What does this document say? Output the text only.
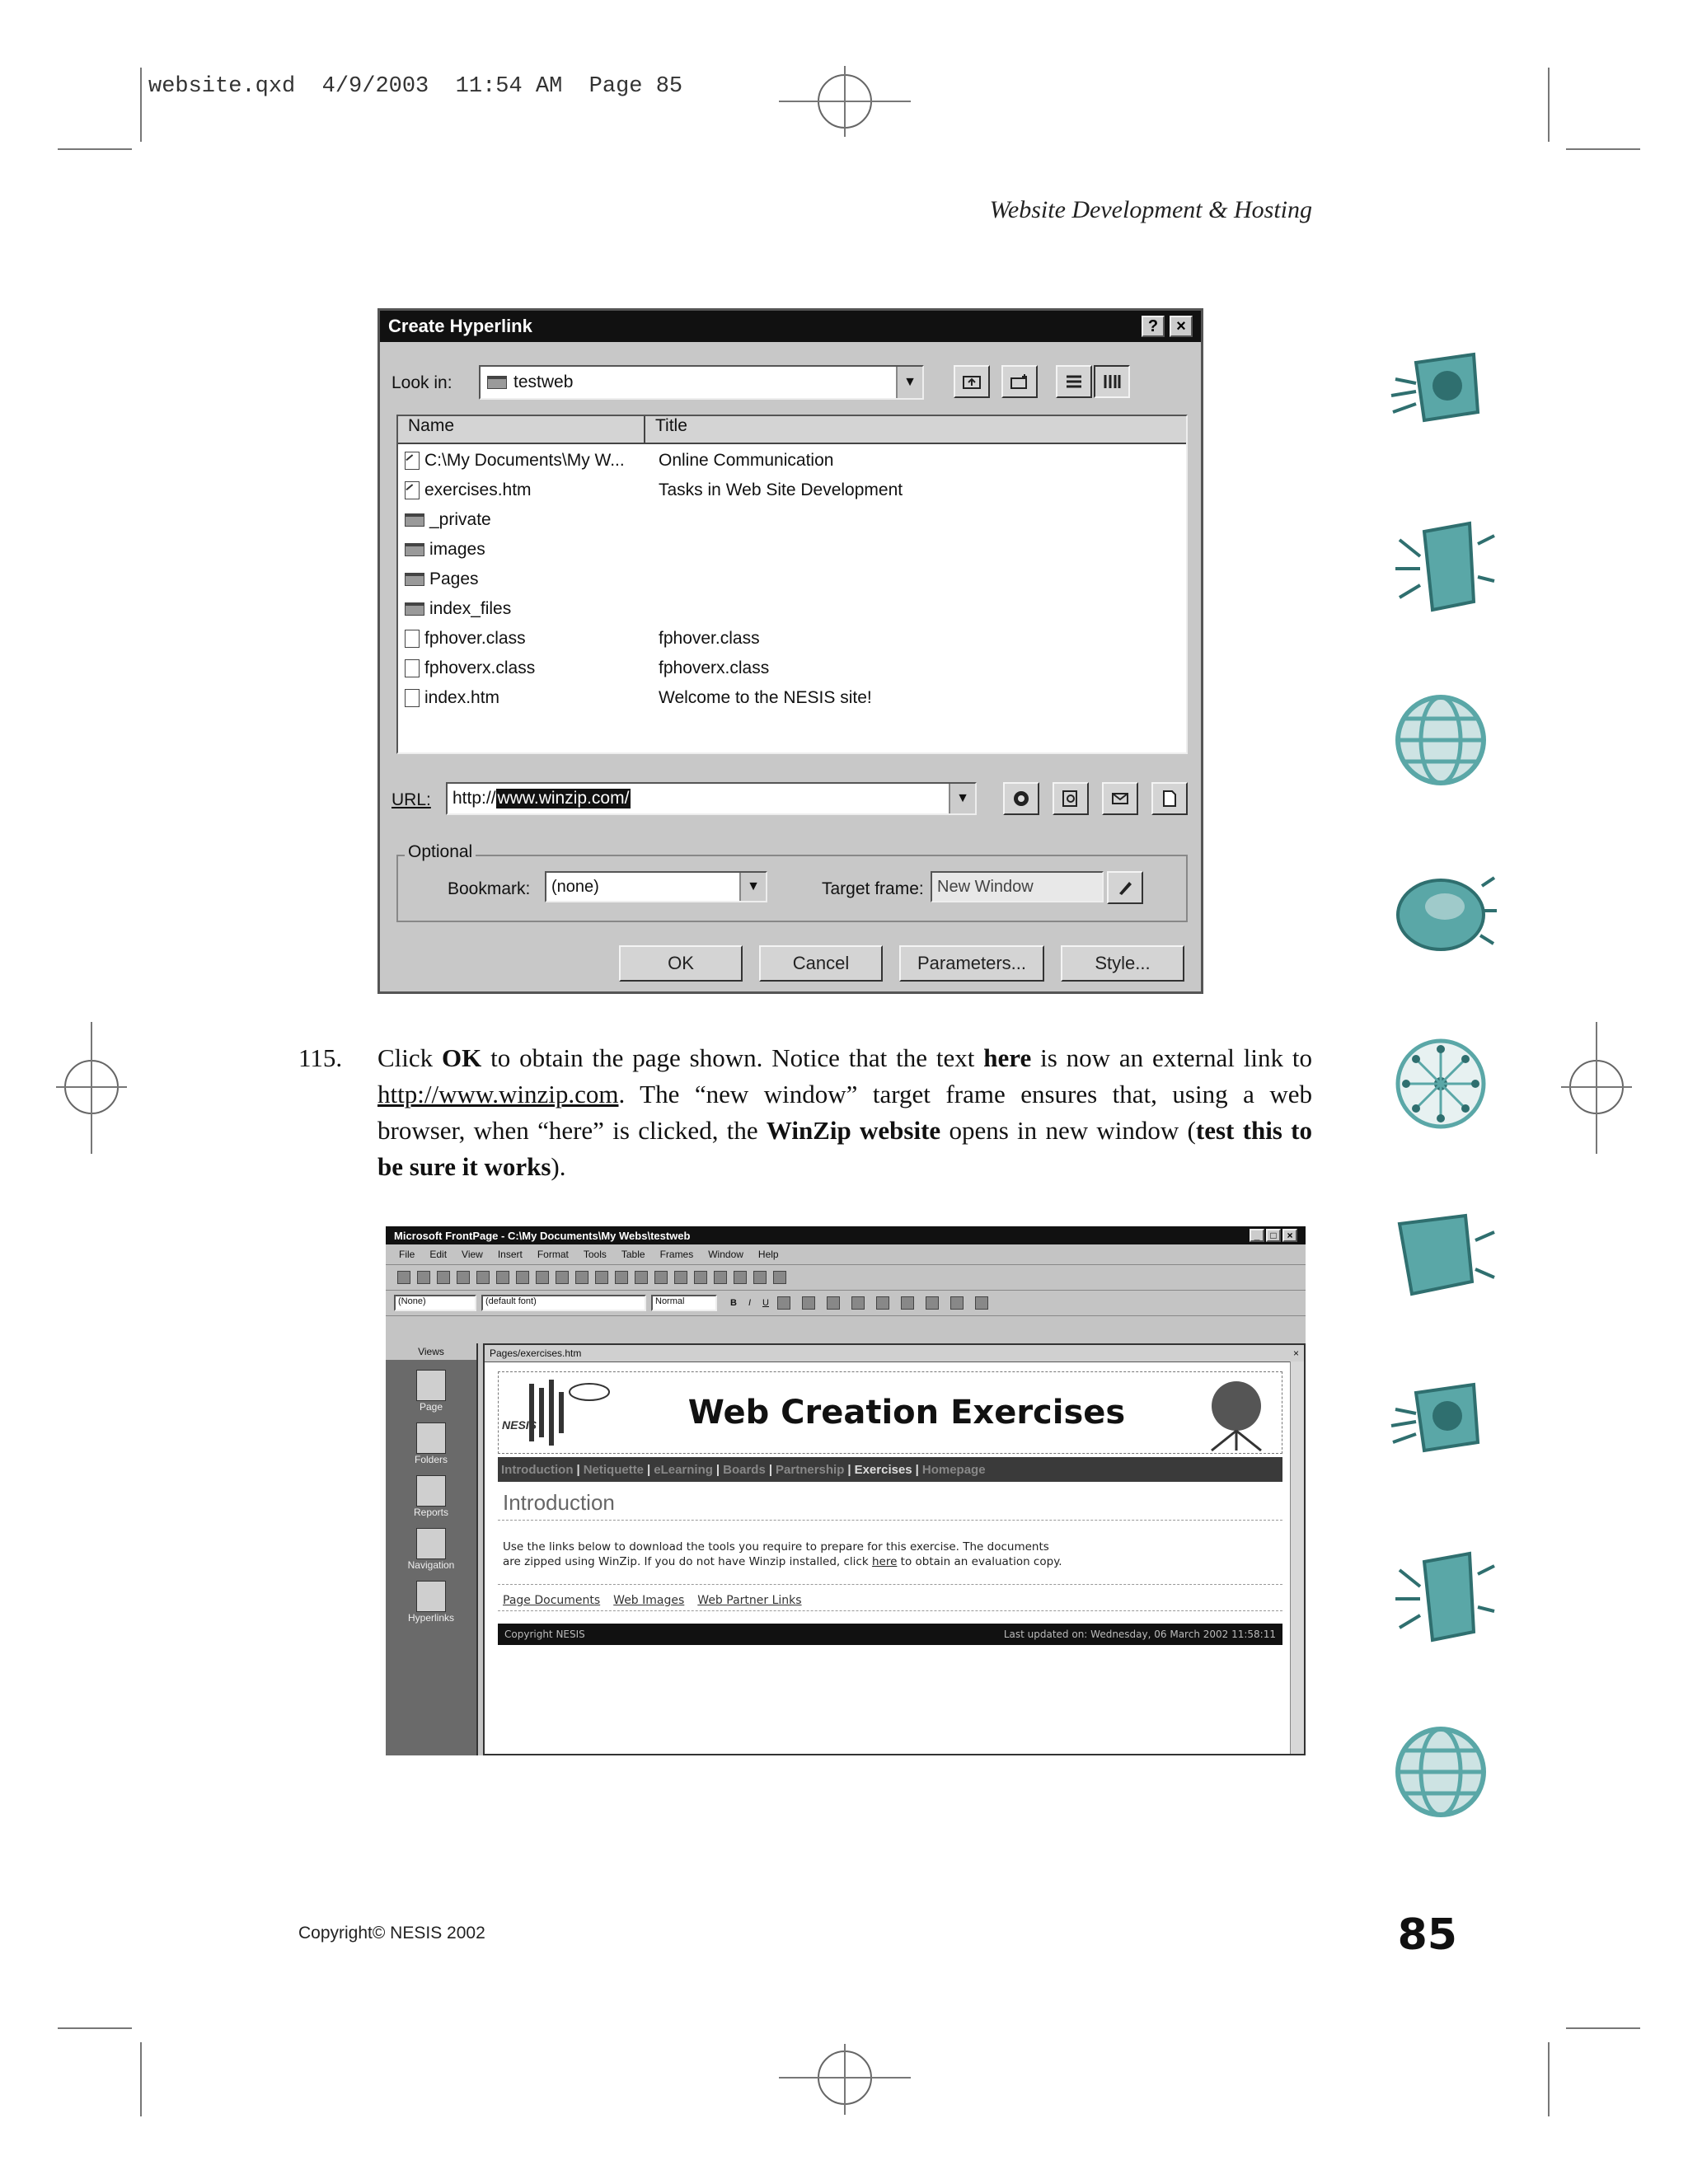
website.qxd  4/9/2003  11:54 AM  Page 85
Website Development & Hosting
Create Hyperlink	?	×
Look in:	testweb	▼
Name	Title
C:\My Documents\My W...	Online Communication
exercises.htm	Tasks in Web Site Development
_private
images
Pages
index_files
fphover.class	fphover.class
fphoverx.class	fphoverx.class
index.htm	Welcome to the NESIS site!
URL: http:// www.winzip.com/	▼
Optional
Bookmark:	(none)	▼	Target frame: New Window
OK	Cancel	Parameters...	Style...
115. Click OK to obtain the page shown. Notice that the text here is now an external link to http://www.winzip.com. The “new window” target frame ensures that, using a web browser, when “here” is clicked, the WinZip website opens in new window (test this to be sure it works).
Microsoft FrontPage - C:\My Documents\My Webs\testweb	_	□	×
File Edit View Insert Format Tools Table Frames Window Help
(None)	(default font)	Normal	B I U
Views
Page
Folders
Reports
Navigation
Hyperlinks
Pages/exercises.htm	×
NESIS	Web Creation Exercises
Introduction | Netiquette | eLearning | Boards | Partnership | Exercises | Homepage
Introduction
Use the links below to download the tools you require to prepare for this exercise. The documents
are zipped using WinZip. If you do not have Winzip installed, click here to obtain an evaluation copy.
Page Documents Web Images Web Partner Links
Copyright NESIS	Last updated on: Wednesday, 06 March 2002 11:58:11
Copyright© NESIS 2002	85
